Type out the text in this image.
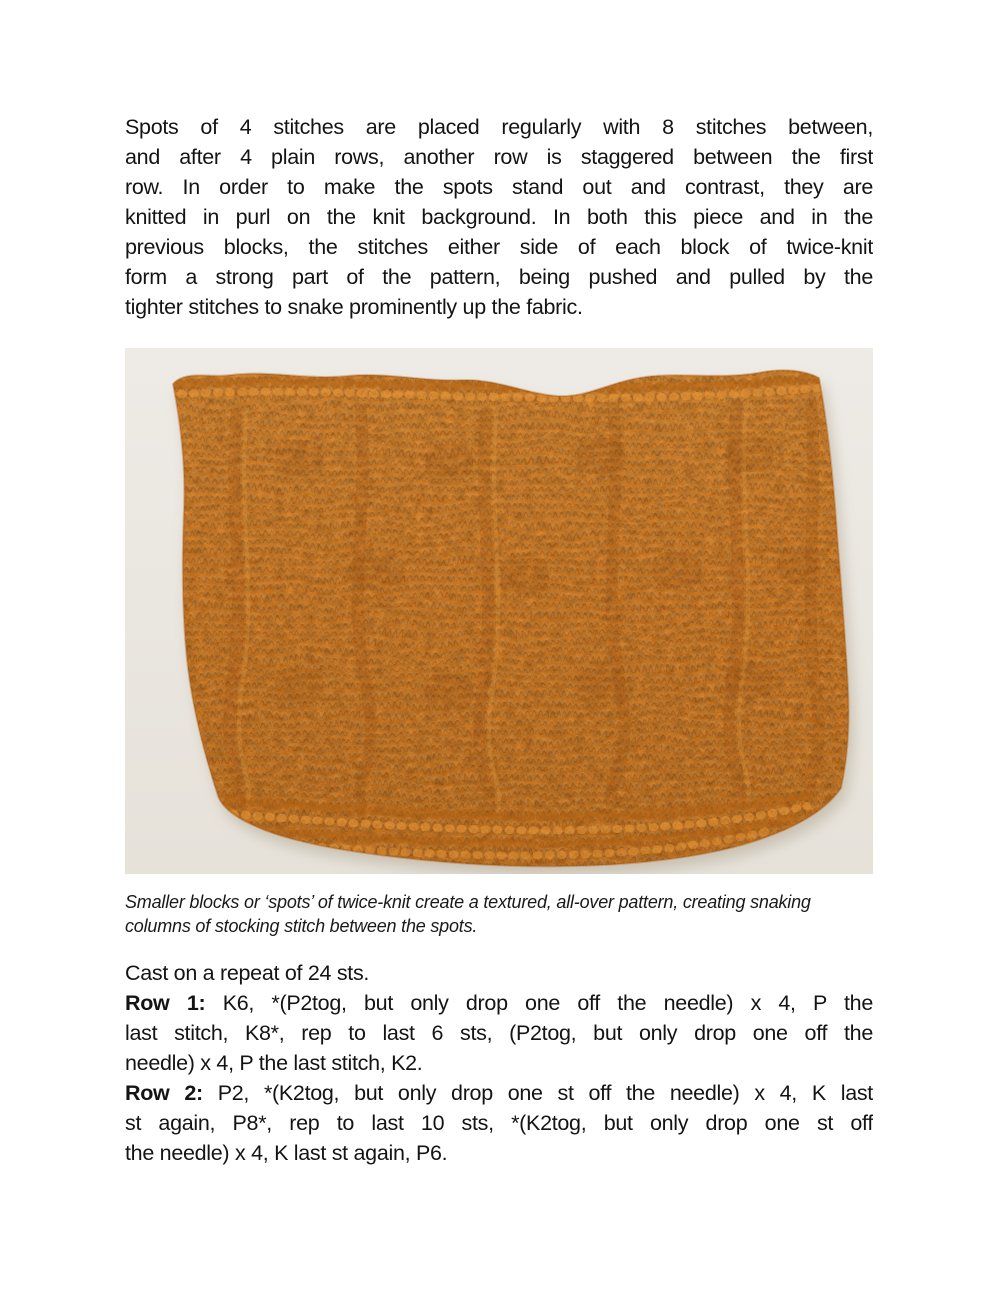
Spots of 4 stitches are placed regularly with 8 stitches between,
and after 4 plain rows, another row is staggered between the first
row. In order to make the spots stand out and contrast, they are
knitted in purl on the knit background. In both this piece and in the
previous blocks, the stitches either side of each block of twice-knit
form a strong part of the pattern, being pushed and pulled by the
tighter stitches to snake prominently up the fabric.
Smaller blocks or ‘spots’ of twice-knit create a textured, all-over pattern, creating snaking
columns of stocking stitch between the spots.
Cast on a repeat of 24 sts.
Row 1: K6, *(P2tog, but only drop one off the needle) x 4, P the
last stitch, K8*, rep to last 6 sts, (P2tog, but only drop one off the
needle) x 4, P the last stitch, K2.
Row 2: P2, *(K2tog, but only drop one st off the needle) x 4, K last
st again, P8*, rep to last 10 sts, *(K2tog, but only drop one st off
the needle) x 4, K last st again, P6.
